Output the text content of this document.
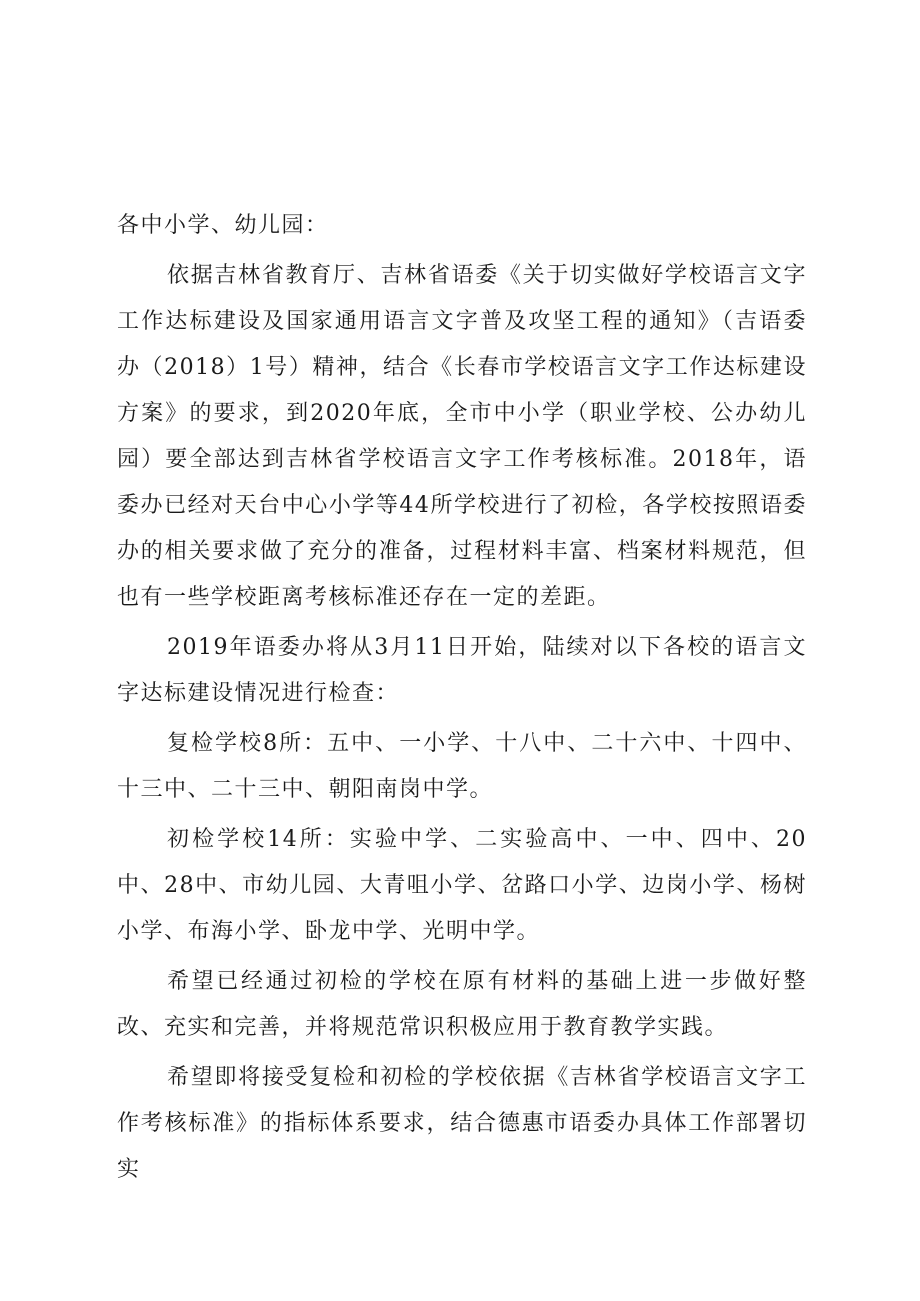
各中小学、幼儿园：

依据吉林省教育厅、吉林省语委《关于切实做好学校语言文字工作达标建设及国家通用语言文字普及攻坚工程的通知》（吉语委办（2018）1号）精神，结合《长春市学校语言文字工作达标建设方案》的要求，到2020年底，全市中小学（职业学校、公办幼儿园）要全部达到吉林省学校语言文字工作考核标准。2018年，语委办已经对天台中心小学等44所学校进行了初检，各学校按照语委办的相关要求做了充分的准备，过程材料丰富、档案材料规范，但也有一些学校距离考核标准还存在一定的差距。

2019年语委办将从3月11日开始，陆续对以下各校的语言文字达标建设情况进行检查：

复检学校8所：五中、一小学、十八中、二十六中、十四中、十三中、二十三中、朝阳南岗中学。

初检学校14所：实验中学、二实验高中、一中、四中、20中、28中、市幼儿园、大青咀小学、岔路口小学、边岗小学、杨树小学、布海小学、卧龙中学、光明中学。

希望已经通过初检的学校在原有材料的基础上进一步做好整改、充实和完善，并将规范常识积极应用于教育教学实践。

希望即将接受复检和初检的学校依据《吉林省学校语言文字工作考核标准》的指标体系要求，结合德惠市语委办具体工作部署切实
